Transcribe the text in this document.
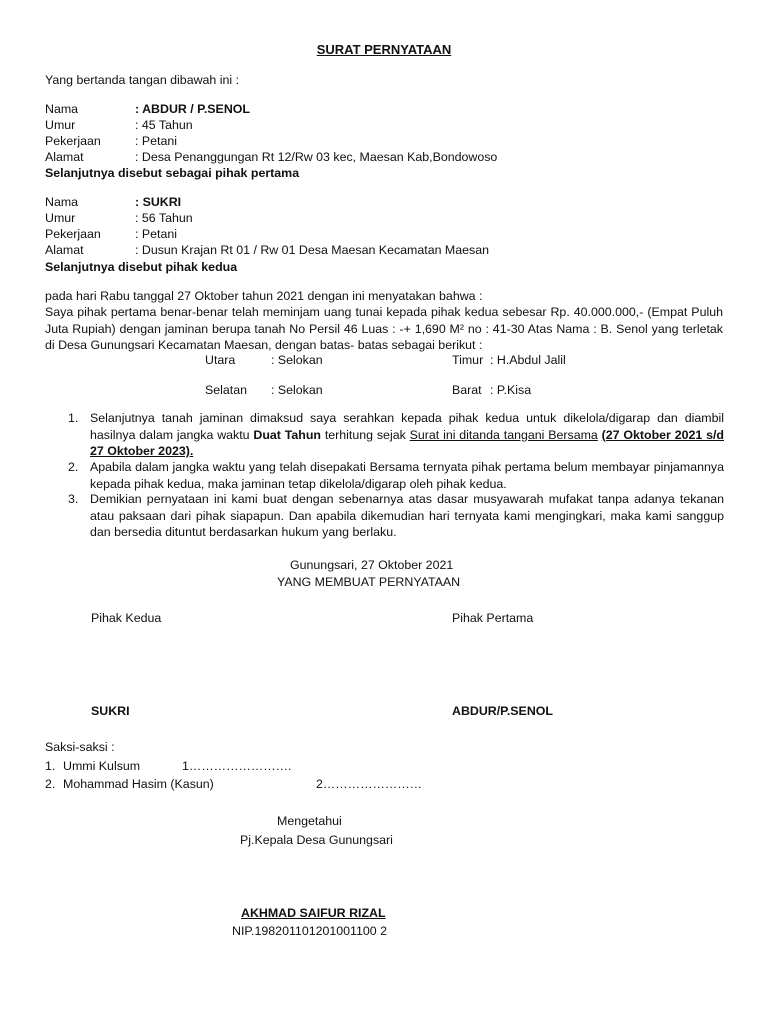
SURAT PERNYATAAN
Yang bertanda tangan dibawah ini :
Nama	: ABDUR / P.SENOL
Umur	: 45 Tahun
Pekerjaan	: Petani
Alamat	: Desa Penanggungan Rt 12/Rw 03 kec, Maesan Kab,Bondowoso
Selanjutnya disebut sebagai pihak pertama
Nama	: SUKRI
Umur	: 56 Tahun
Pekerjaan	: Petani
Alamat	: Dusun Krajan Rt 01 / Rw 01 Desa Maesan Kecamatan Maesan
Selanjutnya disebut pihak kedua
pada hari Rabu tanggal 27 Oktober tahun 2021 dengan ini menyatakan bahwa :
Saya pihak pertama benar-benar telah meminjam uang tunai kepada pihak kedua sebesar Rp. 40.000.000,- (Empat Puluh Juta Rupiah) dengan jaminan berupa tanah No Persil 46 Luas : -+ 1,690 M² no : 41-30 Atas Nama : B. Senol yang terletak di Desa Gunungsari Kecamatan Maesan, dengan batas- batas sebagai berikut :
Utara	: Selokan	Timur : H.Abdul Jalil
Selatan : Selokan	Barat : P.Kisa
1. Selanjutnya tanah jaminan dimaksud saya serahkan kepada pihak kedua untuk dikelola/digarap dan diambil hasilnya dalam jangka waktu Duat Tahun terhitung sejak Surat ini ditanda tangani Bersama (27 Oktober 2021 s/d 27 Oktober 2023).
2. Apabila dalam jangka waktu yang telah disepakati Bersama ternyata pihak pertama belum membayar pinjamannya kepada pihak kedua, maka jaminan tetap dikelola/digarap oleh pihak kedua.
3. Demikian pernyataan ini kami buat dengan sebenarnya atas dasar musyawarah mufakat tanpa adanya tekanan atau paksaan dari pihak siapapun. Dan apabila dikemudian hari ternyata kami mengingkari, maka kami sanggup dan bersedia dituntut berdasarkan hukum yang berlaku.
Gunungsari, 27 Oktober 2021
YANG MEMBUAT PERNYATAAN
Pihak Kedua	Pihak Pertama
SUKRI	ABDUR/P.SENOL
Saksi-saksi :
1. Ummi Kulsum	1…………………….
2. Mohammad Hasim (Kasun)	2……………………
Mengetahui
Pj.Kepala Desa Gunungsari
AKHMAD SAIFUR RIZAL
NIP.198201101201001100 2
